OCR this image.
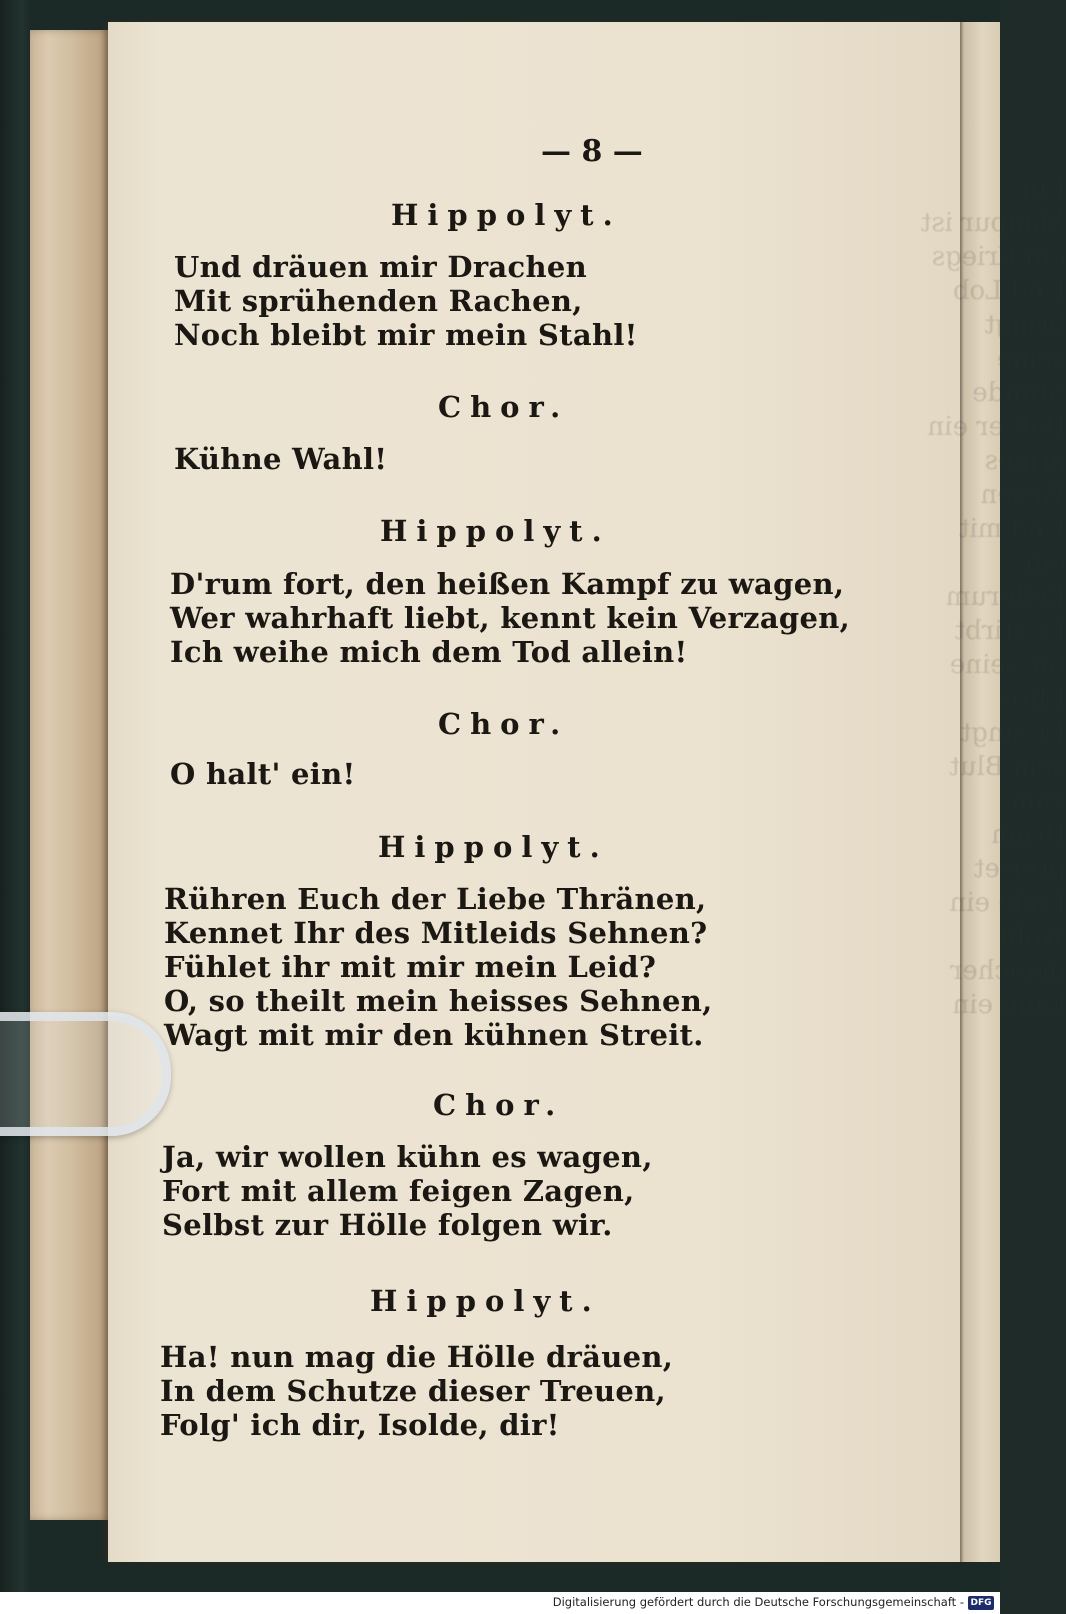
Ein Manpur ist ein Kriegs
Und Lob bringt seine Stunde
Daß er ein armes Wesen
Und mit ein Köllerum
Er stirbt für seine Ehre
Er singt sein Blut zum
Drum preiset Ende ein
Wohl mancher kann ein
— 8 —
Hippolyt.
Und dräuen mir Drachen
Mit sprühenden Rachen,
Noch bleibt mir mein Stahl!
Chor.
Kühne Wahl!
Hippolyt.
D'rum fort, den heißen Kampf zu wagen,
Wer wahrhaft liebt, kennt kein Verzagen,
Ich weihe mich dem Tod allein!
Chor.
O halt' ein!
Hippolyt.
Rühren Euch der Liebe Thränen,
Kennet Ihr des Mitleids Sehnen?
Fühlet ihr mit mir mein Leid?
O, so theilt mein heisses Sehnen,
Wagt mit mir den kühnen Streit.
Chor.
Ja, wir wollen kühn es wagen,
Fort mit allem feigen Zagen,
Selbst zur Hölle folgen wir.
Hippolyt.
Ha! nun mag die Hölle dräuen,
In dem Schutze dieser Treuen,
Folg' ich dir, Isolde, dir!
Digitalisierung gefördert durch die Deutsche Forschungsgemeinschaft - DFG
